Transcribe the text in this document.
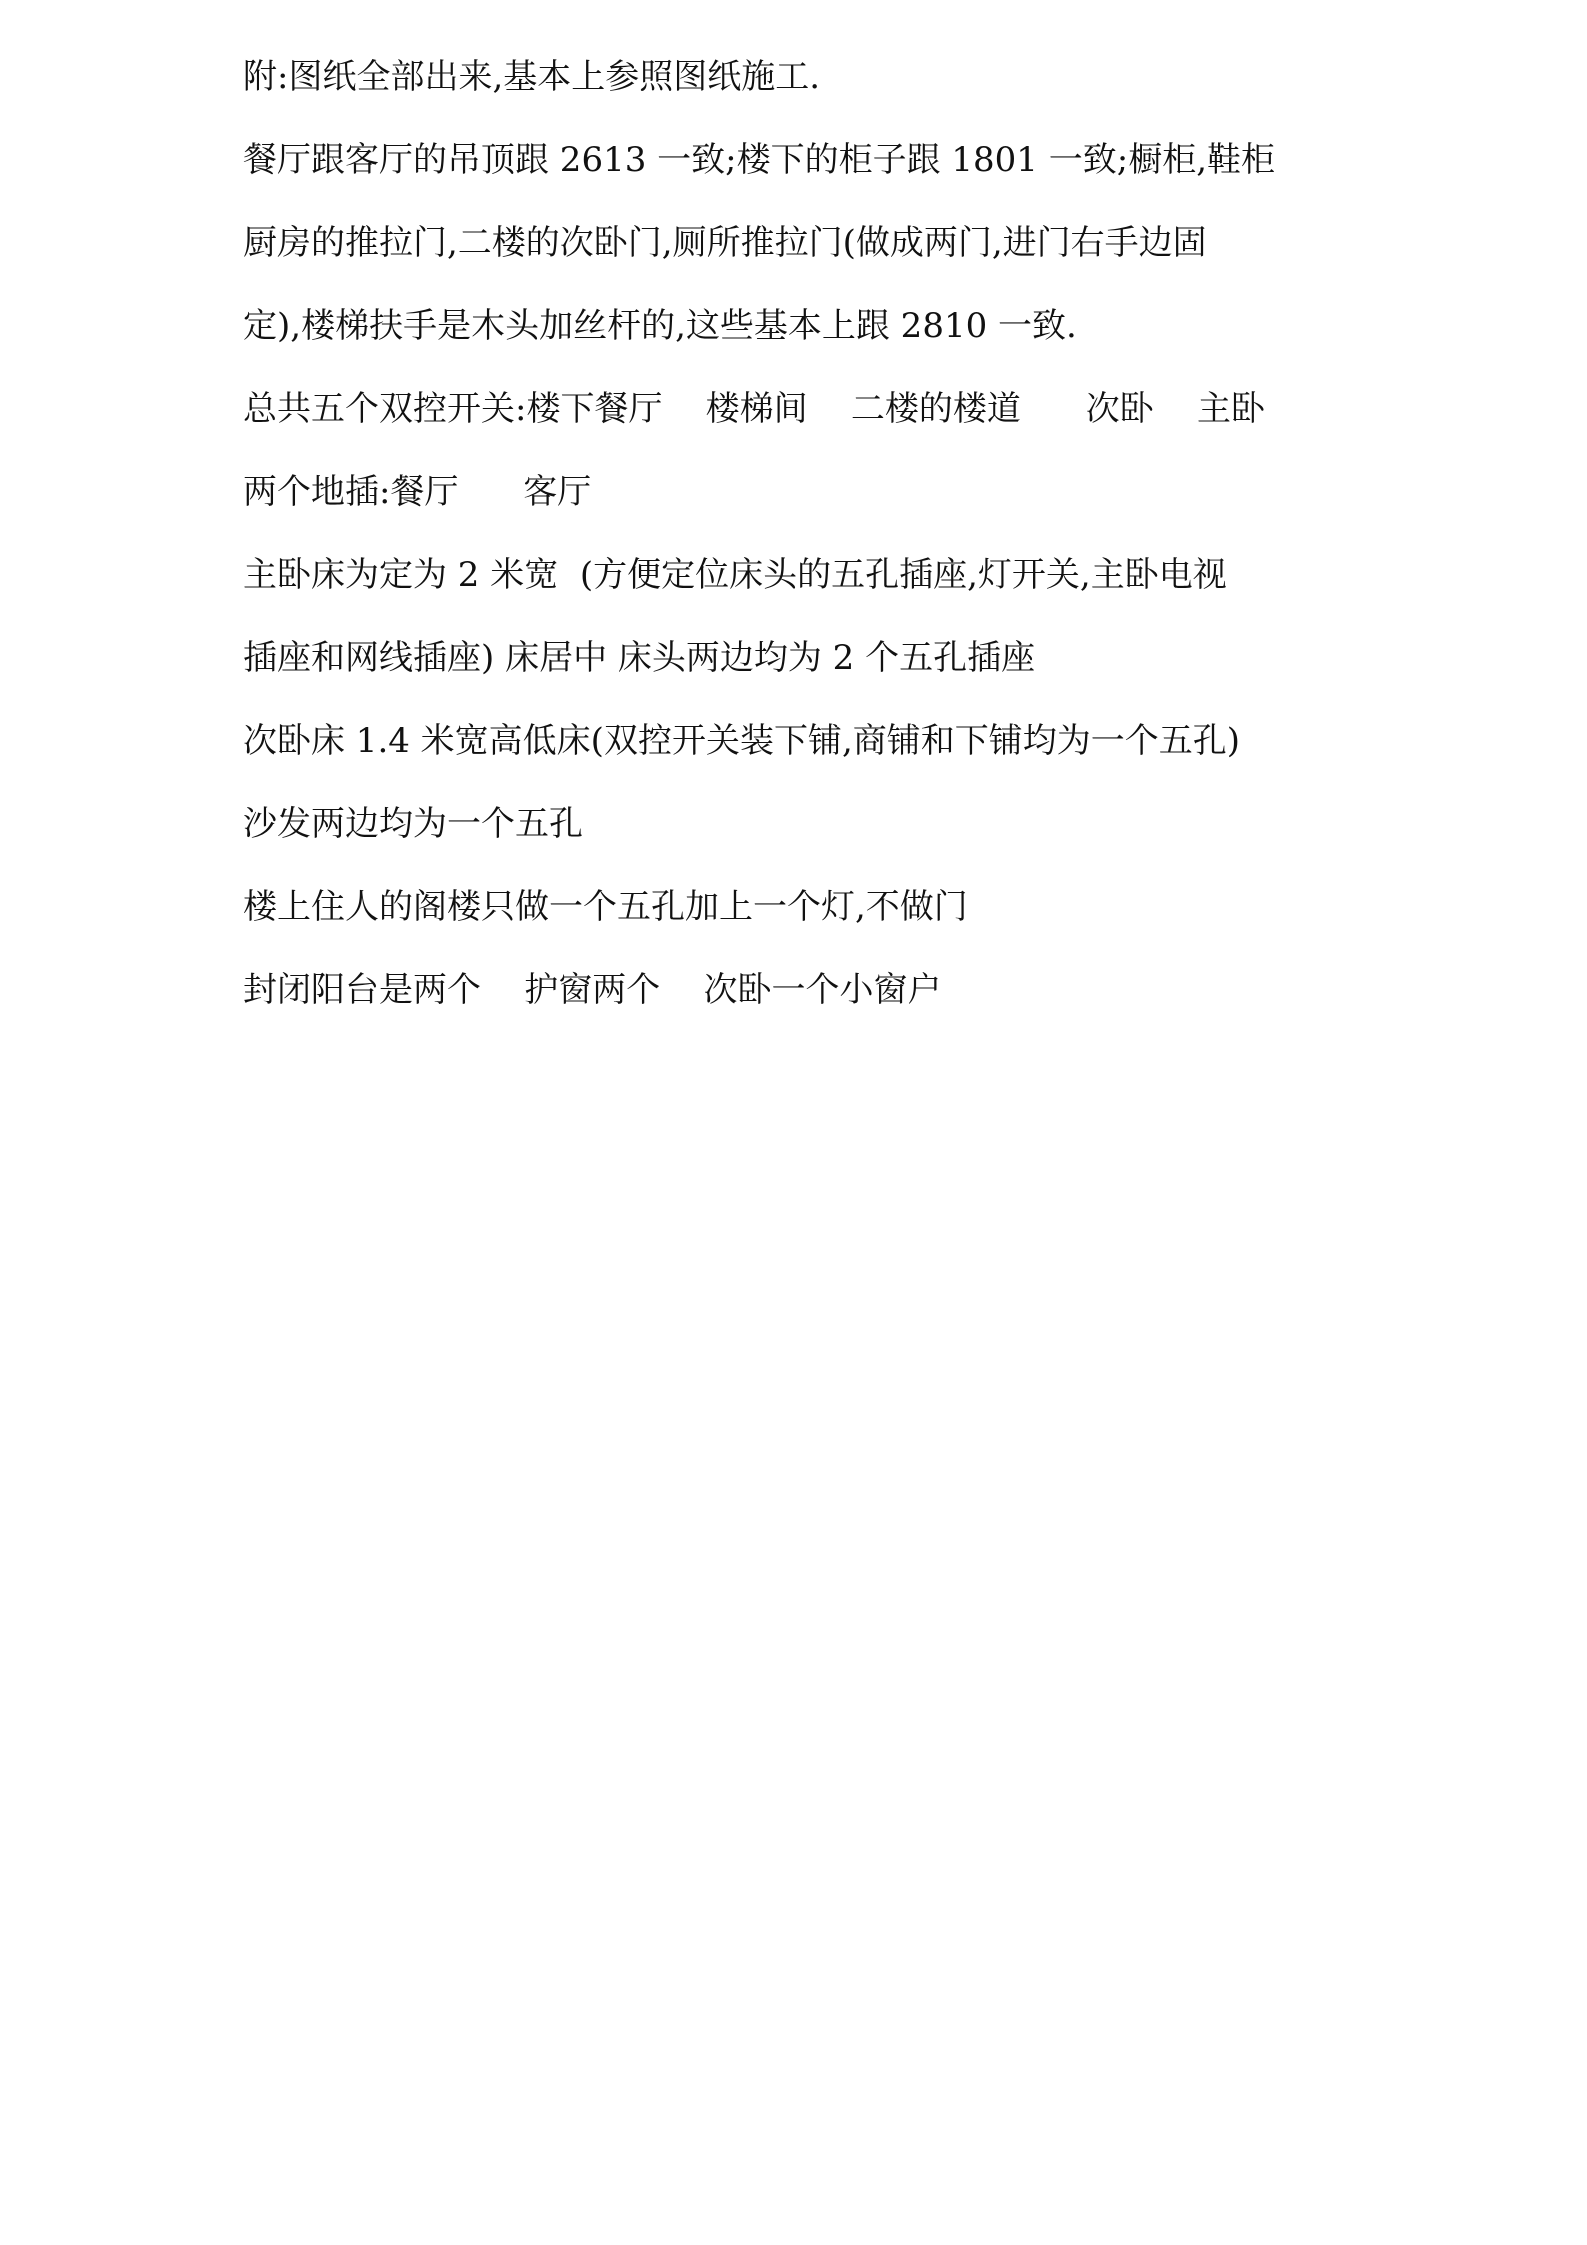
附:图纸全部出来,基本上参照图纸施工.

餐厅跟客厅的吊顶跟 2613 一致;楼下的柜子跟 1801 一致;橱柜,鞋柜

厨房的推拉门,二楼的次卧门,厕所推拉门(做成两门,进门右手边固

定),楼梯扶手是木头加丝杆的,这些基本上跟 2810 一致.

总共五个双控开关:楼下餐厅    楼梯间    二楼的楼道      次卧    主卧

两个地插:餐厅      客厅

主卧床为定为 2 米宽  (方便定位床头的五孔插座,灯开关,主卧电视

插座和网线插座) 床居中 床头两边均为 2 个五孔插座

次卧床 1.4 米宽高低床(双控开关装下铺,商铺和下铺均为一个五孔)

沙发两边均为一个五孔

楼上住人的阁楼只做一个五孔加上一个灯,不做门

封闭阳台是两个    护窗两个    次卧一个小窗户
